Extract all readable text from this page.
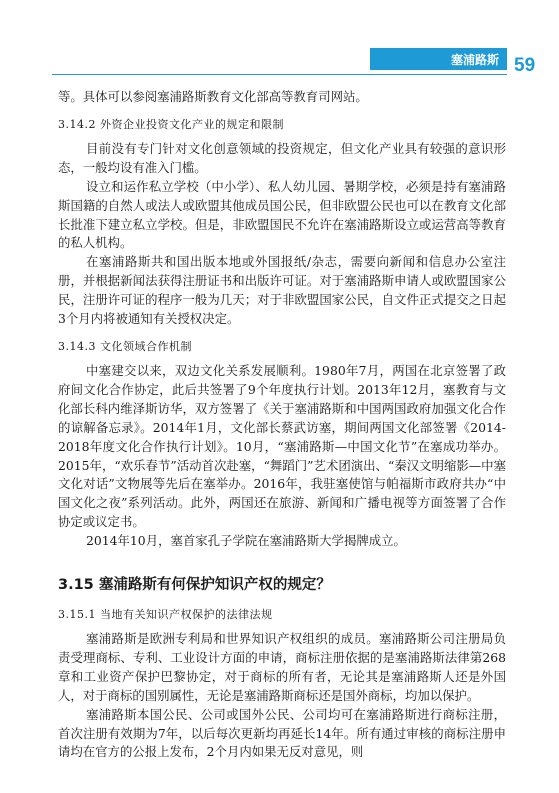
塞浦路斯 59

等。具体可以参阅塞浦路斯教育文化部高等教育司网站。

3.14.2 外资企业投资文化产业的规定和限制

目前没有专门针对文化创意领域的投资规定，但文化产业具有较强的意识形态，一般均设有准入门槛。

设立和运作私立学校（中小学）、私人幼儿园、暑期学校，必须是持有塞浦路斯国籍的自然人或法人或欧盟其他成员国公民，但非欧盟公民也可以在教育文化部长批准下建立私立学校。但是，非欧盟国民不允许在塞浦路斯设立或运营高等教育的私人机构。

在塞浦路斯共和国出版本地或外国报纸/杂志，需要向新闻和信息办公室注册，并根据新闻法获得注册证书和出版许可证。对于塞浦路斯申请人或欧盟国家公民，注册许可证的程序一般为几天；对于非欧盟国家公民，自文件正式提交之日起3个月内将被通知有关授权决定。

3.14.3 文化领域合作机制

中塞建交以来，双边文化关系发展顺利。1980年7月，两国在北京签署了政府间文化合作协定，此后共签署了9个年度执行计划。2013年12月，塞教育与文化部长科内维泽斯访华，双方签署了《关于塞浦路斯和中国两国政府加强文化合作的谅解备忘录》。2014年1月，文化部长蔡武访塞，期间两国文化部签署《2014-2018年度文化合作执行计划》。10月，“塞浦路斯—中国文化节”在塞成功举办。2015年，“欢乐春节”活动首次赴塞，“舞蹈门”艺术团演出、“秦汉文明缩影—中塞文化对话”文物展等先后在塞举办。2016年，我驻塞使馆与帕福斯市政府共办“中国文化之夜”系列活动。此外，两国还在旅游、新闻和广播电视等方面签署了合作协定或议定书。

2014年10月，塞首家孔子学院在塞浦路斯大学揭牌成立。

3.15 塞浦路斯有何保护知识产权的规定？
3.15.1 当地有关知识产权保护的法律法规

塞浦路斯是欧洲专利局和世界知识产权组织的成员。塞浦路斯公司注册局负责受理商标、专利、工业设计方面的申请，商标注册依据的是塞浦路斯法律第268章和工业资产保护巴黎协定，对于商标的所有者，无论其是塞浦路斯人还是外国人，对于商标的国别属性，无论是塞浦路斯商标还是国外商标，均加以保护。

塞浦路斯本国公民、公司或国外公民、公司均可在塞浦路斯进行商标注册，首次注册有效期为7年，以后每次更新均再延长14年。所有通过审核的商标注册申请均在官方的公报上发布，2个月内如果无反对意见，则
